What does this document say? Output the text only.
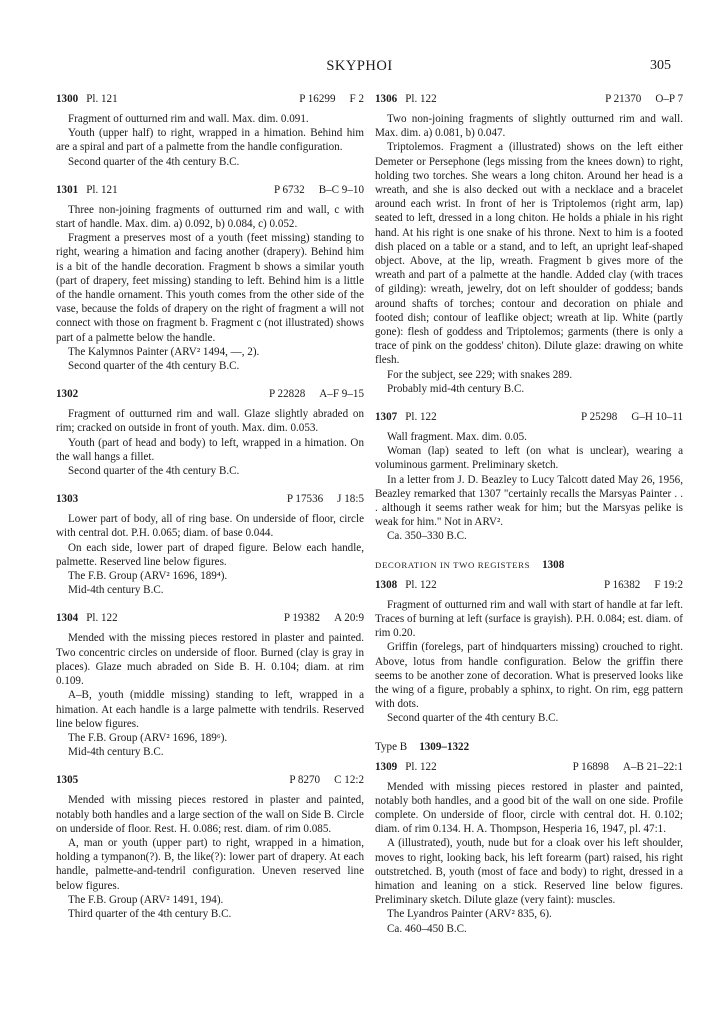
SKYPHOI	305
1300 Pl. 121	P 16299 F 2

Fragment of outturned rim and wall. Max. dim. 0.091.

Youth (upper half) to right, wrapped in a himation. Behind him are a spiral and part of a palmette from the handle configuration.

Second quarter of the 4th century B.C.

1301 Pl. 121	P 6732 B–C 9–10

Three non-joining fragments of outturned rim and wall, c with start of handle. Max. dim. a) 0.092, b) 0.084, c) 0.052.

Fragment a preserves most of a youth (feet missing) standing to right, wearing a himation and facing another (drapery). Behind him is a bit of the handle decoration. Fragment b shows a similar youth (part of drapery, feet missing) standing to left. Behind him is a little of the handle ornament. This youth comes from the other side of the vase, because the folds of drapery on the right of fragment a will not connect with those on fragment b. Fragment c (not illustrated) shows part of a palmette below the handle.

The Kalymnos Painter (ARV² 1494, —, 2).

Second quarter of the 4th century B.C.

1302	P 22828 A–F 9–15

Fragment of outturned rim and wall. Glaze slightly abraded on rim; cracked on outside in front of youth. Max. dim. 0.053.

Youth (part of head and body) to left, wrapped in a himation. On the wall hangs a fillet.

Second quarter of the 4th century B.C.

1303	P 17536 J 18:5

Lower part of body, all of ring base. On underside of floor, circle with central dot. P.H. 0.065; diam. of base 0.044.

On each side, lower part of draped figure. Below each handle, palmette. Reserved line below figures.

The F.B. Group (ARV² 1696, 189⁴).

Mid-4th century B.C.

1304 Pl. 122	P 19382 A 20:9

Mended with the missing pieces restored in plaster and painted. Two concentric circles on underside of floor. Burned (clay is gray in places). Glaze much abraded on Side B. H. 0.104; diam. at rim 0.109.

A–B, youth (middle missing) standing to left, wrapped in a himation. At each handle is a large palmette with tendrils. Reserved line below figures.

The F.B. Group (ARV² 1696, 189⁶).

Mid-4th century B.C.

1305	P 8270 C 12:2

Mended with missing pieces restored in plaster and painted, notably both handles and a large section of the wall on Side B. Circle on underside of floor. Rest. H. 0.086; rest. diam. of rim 0.085.

A, man or youth (upper part) to right, wrapped in a himation, holding a tympanon(?). B, the like(?): lower part of drapery. At each handle, palmette-and-tendril configuration. Uneven reserved line below figures.

The F.B. Group (ARV² 1491, 194).

Third quarter of the 4th century B.C.

1306 Pl. 122	P 21370 O–P 7

Two non-joining fragments of slightly outturned rim and wall. Max. dim. a) 0.081, b) 0.047.

Triptolemos. Fragment a (illustrated) shows on the left either Demeter or Persephone (legs missing from the knees down) to right, holding two torches. She wears a long chiton. Around her head is a wreath, and she is also decked out with a necklace and a bracelet around each wrist. In front of her is Triptolemos (right arm, lap) seated to left, dressed in a long chiton. He holds a phiale in his right hand. At his right is one snake of his throne. Next to him is a footed dish placed on a table or a stand, and to left, an upright leaf-shaped object. Above, at the lip, wreath. Fragment b gives more of the wreath and part of a palmette at the handle. Added clay (with traces of gilding): wreath, jewelry, dot on left shoulder of goddess; bands around shafts of torches; contour and decoration on phiale and footed dish; contour of leaflike object; wreath at lip. White (partly gone): flesh of goddess and Triptolemos; garments (there is only a trace of pink on the goddess' chiton). Dilute glaze: drawing on white flesh.

For the subject, see 229; with snakes 289.

Probably mid-4th century B.C.

1307 Pl. 122	P 25298 G–H 10–11

Wall fragment. Max. dim. 0.05.

Woman (lap) seated to left (on what is unclear), wearing a voluminous garment. Preliminary sketch.

In a letter from J. D. Beazley to Lucy Talcott dated May 26, 1956, Beazley remarked that 1307 "certainly recalls the Marsyas Painter . . . although it seems rather weak for him; but the Marsyas pelike is weak for him." Not in ARV².

Ca. 350–330 B.C.

DECORATION IN TWO REGISTERS 1308
1308 Pl. 122	P 16382 F 19:2

Fragment of outturned rim and wall with start of handle at far left. Traces of burning at left (surface is grayish). P.H. 0.084; est. diam. of rim 0.20.

Griffin (forelegs, part of hindquarters missing) crouched to right. Above, lotus from handle configuration. Below the griffin there seems to be another zone of decoration. What is preserved looks like the wing of a figure, probably a sphinx, to right. On rim, egg pattern with dots.

Second quarter of the 4th century B.C.

Type B 1309–1322
1309 Pl. 122	P 16898 A–B 21–22:1

Mended with missing pieces restored in plaster and painted, notably both handles, and a good bit of the wall on one side. Profile complete. On underside of floor, circle with central dot. H. 0.102; diam. of rim 0.134. H. A. Thompson, Hesperia 16, 1947, pl. 47:1.

A (illustrated), youth, nude but for a cloak over his left shoulder, moves to right, looking back, his left forearm (part) raised, his right outstretched. B, youth (most of face and body) to right, dressed in a himation and leaning on a stick. Reserved line below figures. Preliminary sketch. Dilute glaze (very faint): muscles.

The Lyandros Painter (ARV² 835, 6).

Ca. 460–450 B.C.
